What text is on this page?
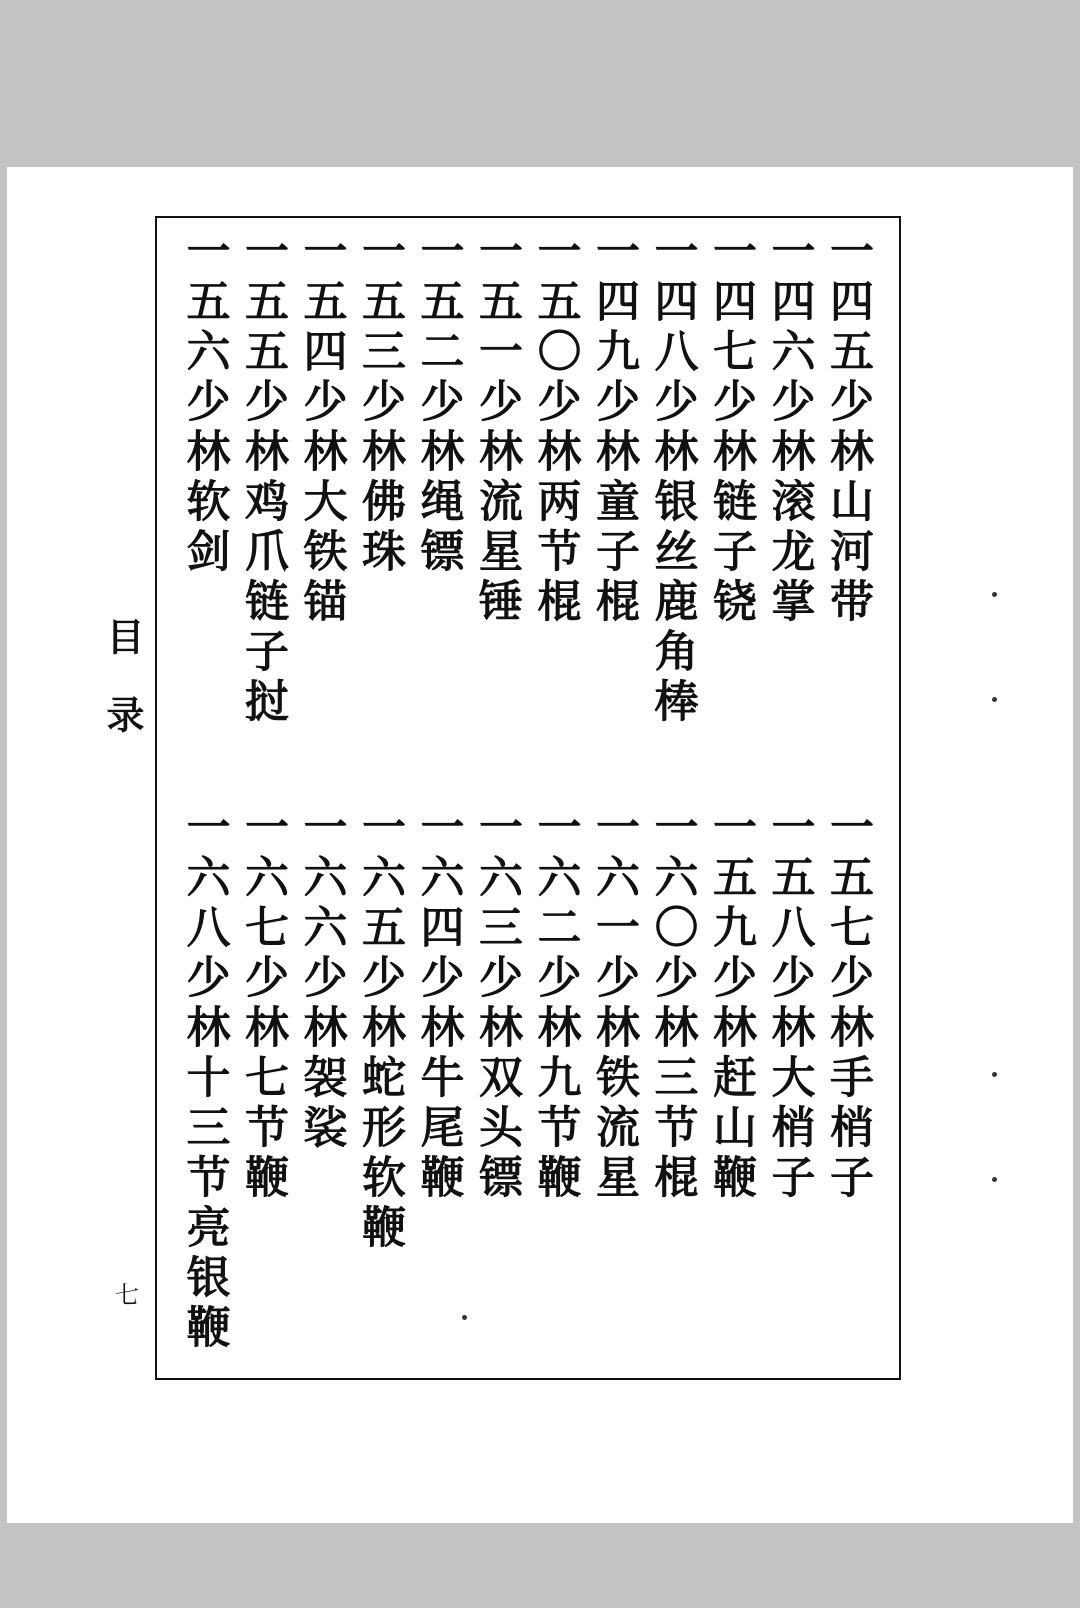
目录
七
一四五少林山河带
一四六少林滚龙掌
一四七少林链子铙
一四八少林银丝鹿角棒
一四九少林童子棍
一五〇少林两节棍
一五一少林流星锤
一五二少林绳镖
一五三少林佛珠
一五四少林大铁锚
一五五少林鸡爪链子挝
一五六少林软剑
一五七少林手梢子
一五八少林大梢子
一五九少林赶山鞭
一六〇少林三节棍
一六一少林铁流星
一六二少林九节鞭
一六三少林双头镖
一六四少林牛尾鞭
一六五少林蛇形软鞭
一六六少林袈裟
一六七少林七节鞭
一六八少林十三节亮银鞭
